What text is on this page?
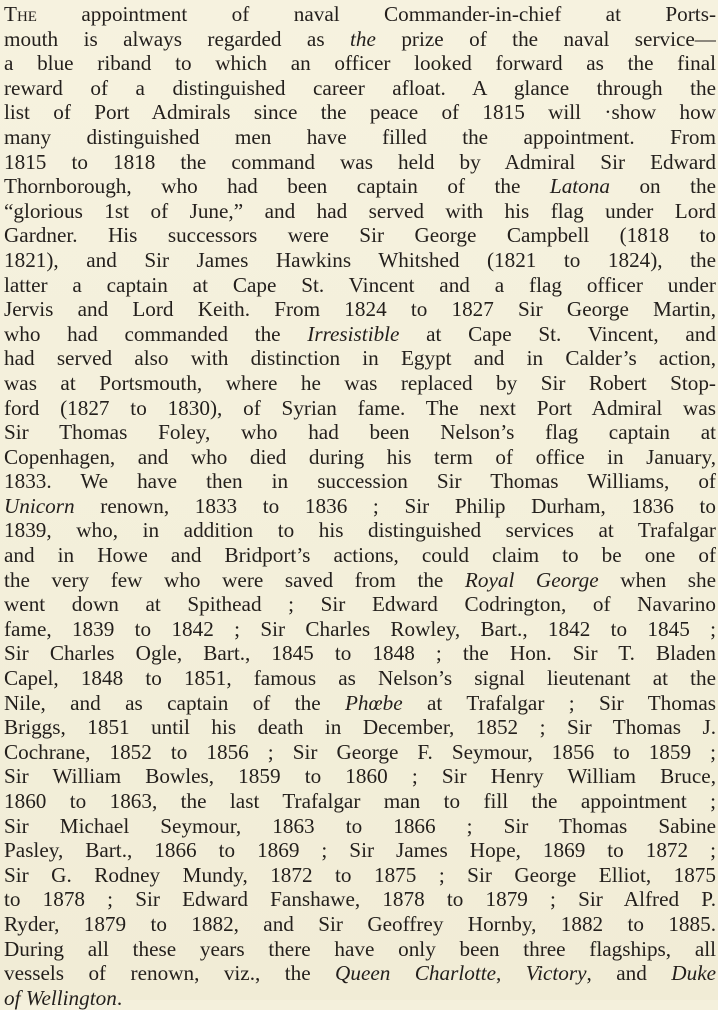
The appointment of naval Commander-in-chief at Ports-
mouth is always regarded as the prize of the naval service—
a blue riband to which an officer looked forward as the final
reward of a distinguished career afloat. A glance through the
list of Port Admirals since the peace of 1815 will ·show how
many distinguished men have filled the appointment. From
1815 to 1818 the command was held by Admiral Sir Edward
Thornborough, who had been captain of the Latona on the
“glorious 1st of June,” and had served with his flag under Lord
Gardner. His successors were Sir George Campbell (1818 to
1821), and Sir James Hawkins Whitshed (1821 to 1824), the
latter a captain at Cape St. Vincent and a flag officer under
Jervis and Lord Keith. From 1824 to 1827 Sir George Martin,
who had commanded the Irresistible at Cape St. Vincent, and
had served also with distinction in Egypt and in Calder’s action,
was at Portsmouth, where he was replaced by Sir Robert Stop-
ford (1827 to 1830), of Syrian fame. The next Port Admiral was
Sir Thomas Foley, who had been Nelson’s flag captain at
Copenhagen, and who died during his term of office in January,
1833. We have then in succession Sir Thomas Williams, of
Unicorn renown, 1833 to 1836 ; Sir Philip Durham, 1836 to
1839, who, in addition to his distinguished services at Trafalgar
and in Howe and Bridport’s actions, could claim to be one of
the very few who were saved from the Royal George when she
went down at Spithead ; Sir Edward Codrington, of Navarino
fame, 1839 to 1842 ; Sir Charles Rowley, Bart., 1842 to 1845 ;
Sir Charles Ogle, Bart., 1845 to 1848 ; the Hon. Sir T. Bladen
Capel, 1848 to 1851, famous as Nelson’s signal lieutenant at the
Nile, and as captain of the Phœbe at Trafalgar ; Sir Thomas
Briggs, 1851 until his death in December, 1852 ; Sir Thomas J.
Cochrane, 1852 to 1856 ; Sir George F. Seymour, 1856 to 1859 ;
Sir William Bowles, 1859 to 1860 ; Sir Henry William Bruce,
1860 to 1863, the last Trafalgar man to fill the appointment ;
Sir Michael Seymour, 1863 to 1866 ; Sir Thomas Sabine
Pasley, Bart., 1866 to 1869 ; Sir James Hope, 1869 to 1872 ;
Sir G. Rodney Mundy, 1872 to 1875 ; Sir George Elliot, 1875
to 1878 ; Sir Edward Fanshawe, 1878 to 1879 ; Sir Alfred P.
Ryder, 1879 to 1882, and Sir Geoffrey Hornby, 1882 to 1885.
During all these years there have only been three flagships, all
vessels of renown, viz., the Queen Charlotte, Victory, and Duke
of Wellington.
